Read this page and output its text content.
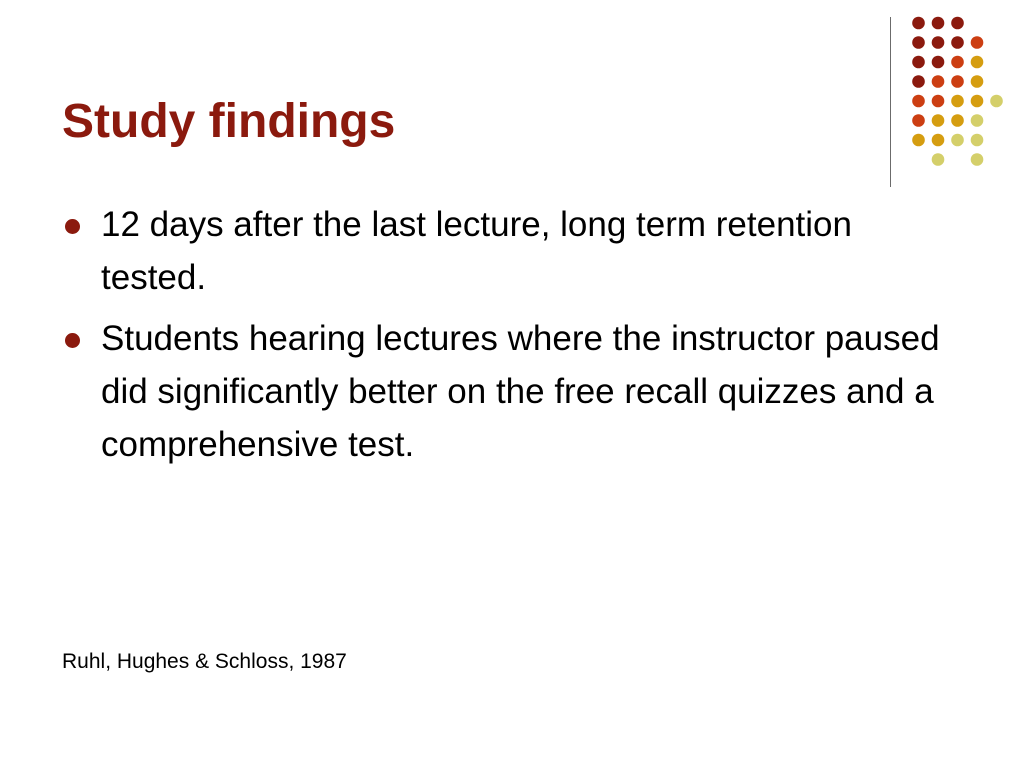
Study findings
12 days after the last lecture, long term retention tested.
Students hearing lectures where the instructor paused did significantly better on the free recall quizzes and a comprehensive test.
Ruhl, Hughes & Schloss, 1987
